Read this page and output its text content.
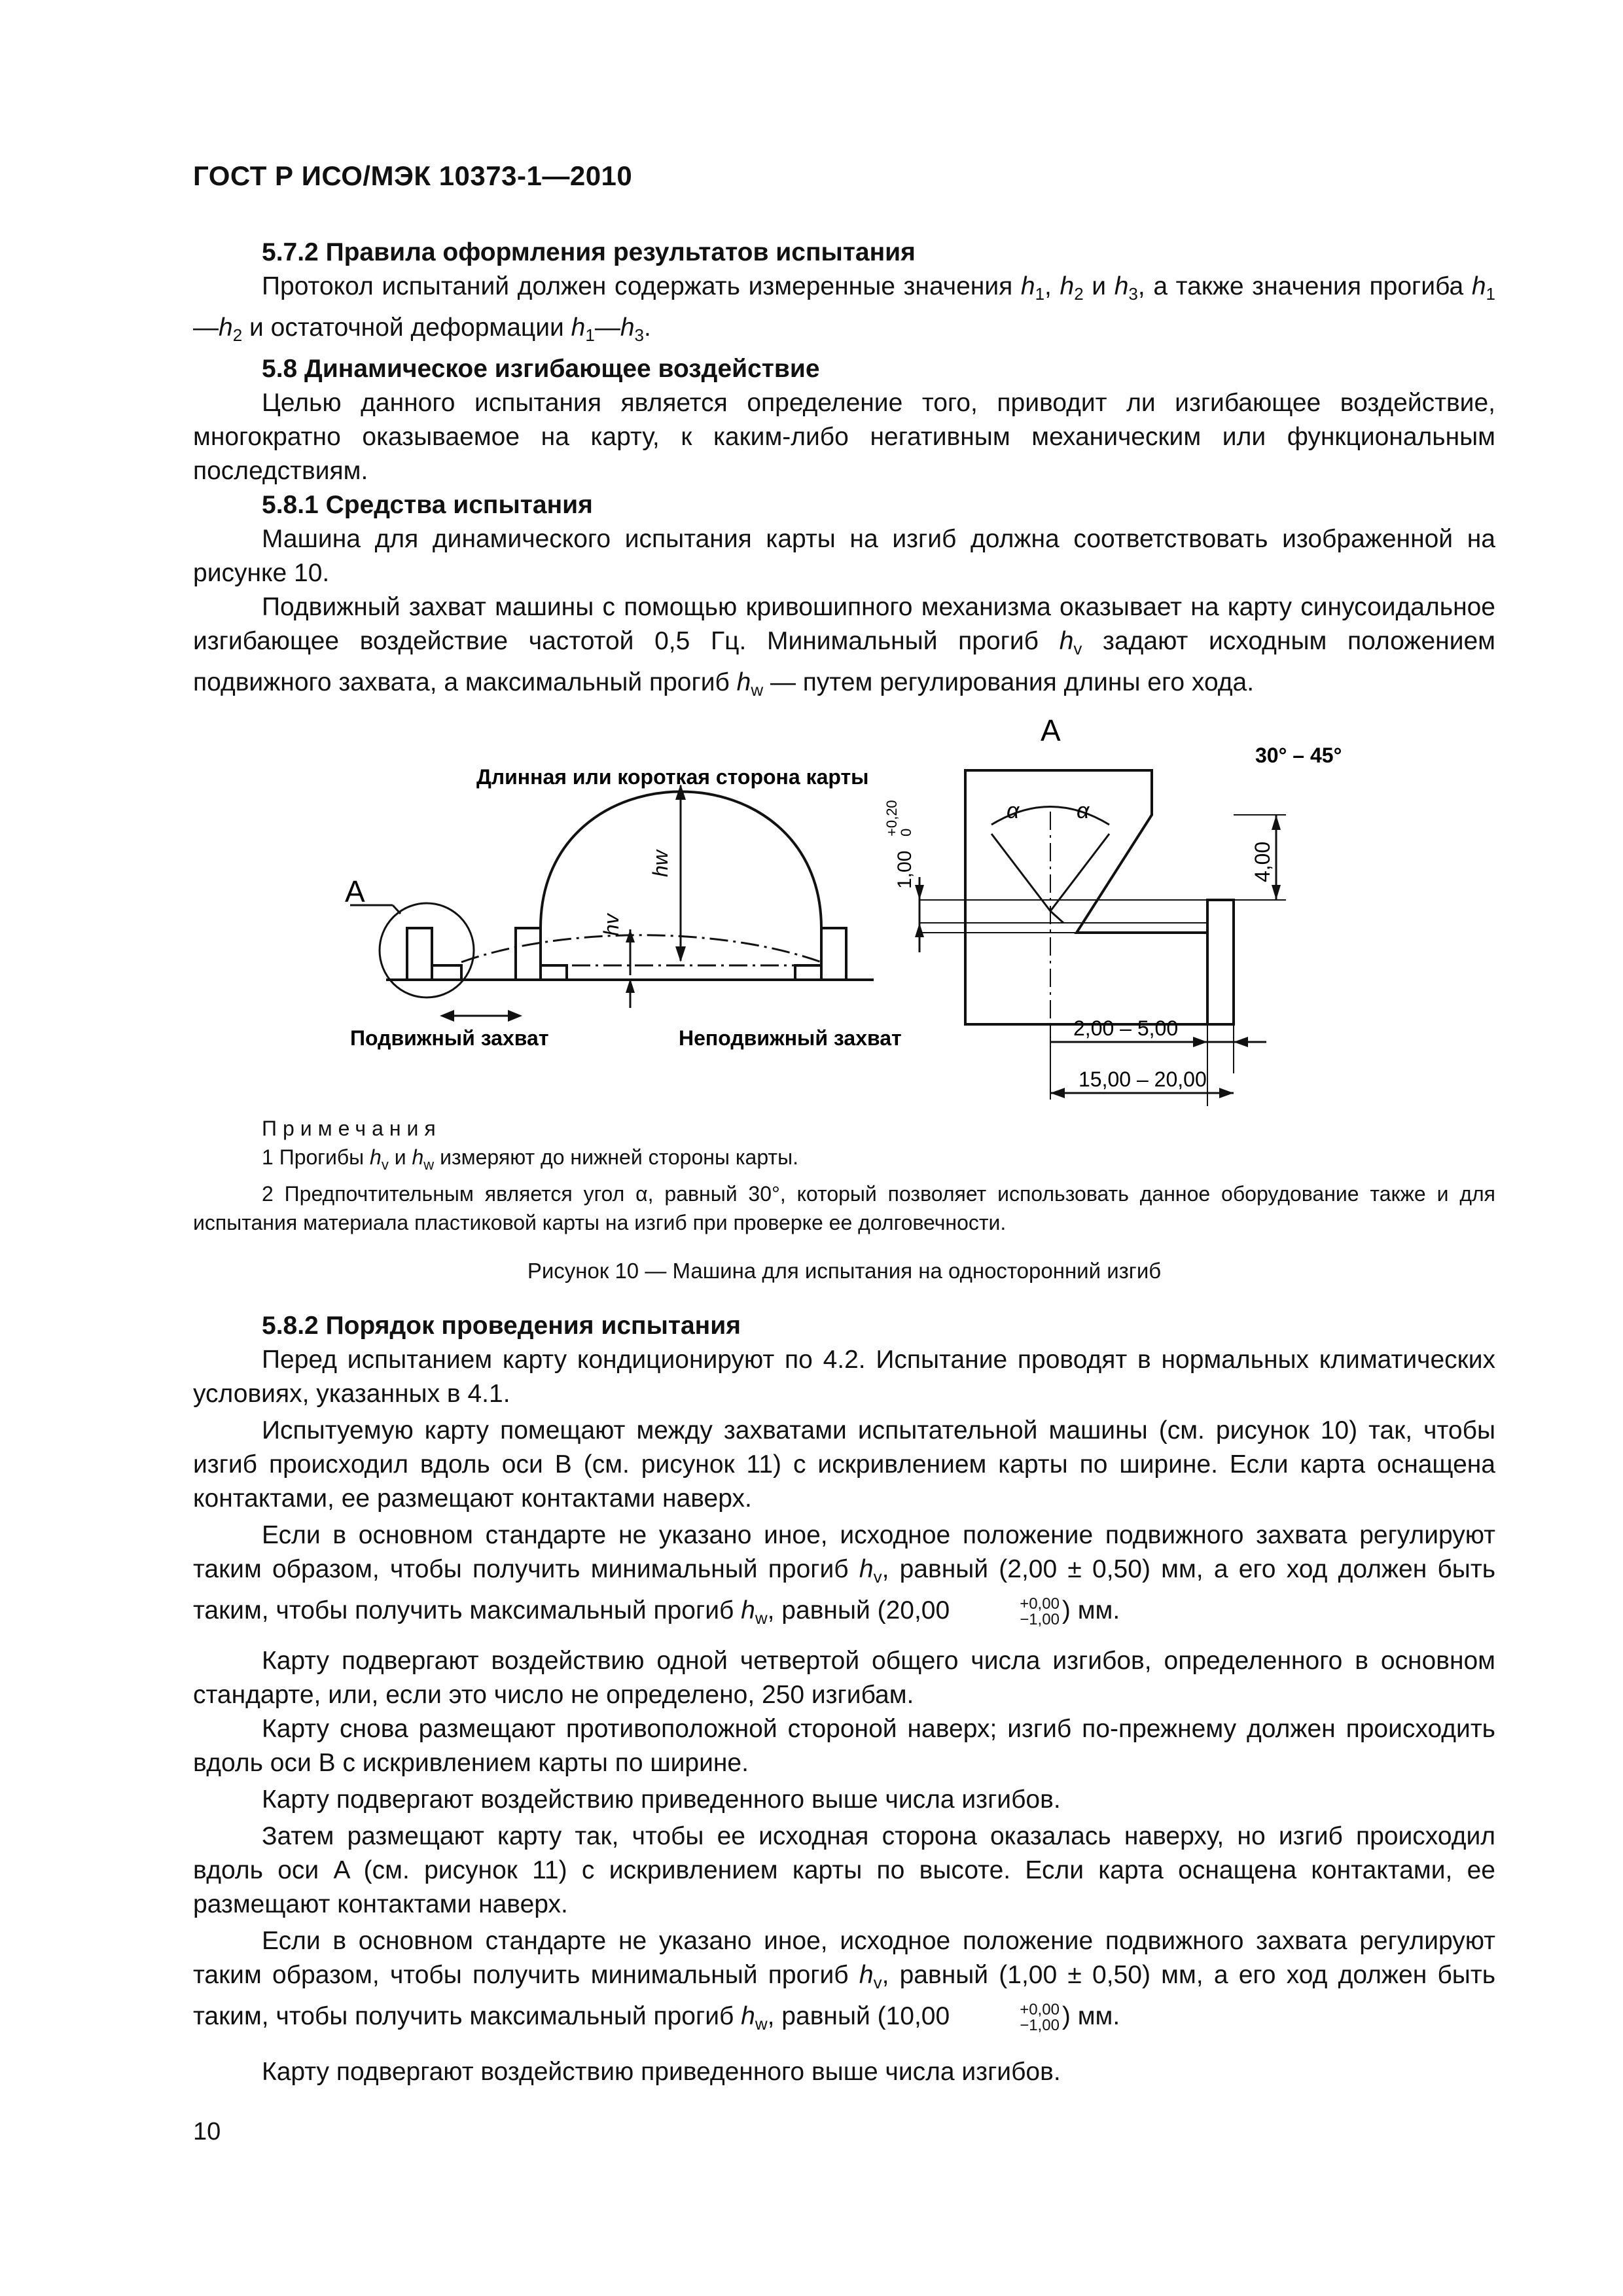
ГОСТ Р ИСО/МЭК 10373-1—2010

5.7.2 Правила оформления результатов испытания

Протокол испытаний должен содержать измеренные значения $h_1$, $h_2$ и $h_3$, а также значения прогиба $h_1—h_2$ и остаточной деформации $h_1—h_3$.

5.8 Динамическое изгибающее воздействие

Целью данного испытания является определение того, приводит ли изгибающее воздействие, многократно оказываемое на карту, к каким-либо негативным механическим или функциональным последствиям.

5.8.1 Средства испытания

Машина для динамического испытания карты на изгиб должна соответствовать изображенной на рисунке 10.

Подвижный захват машины с помощью кривошипного механизма оказывает на карту синусоидальное изгибающее воздействие частотой 0,5 Гц. Минимальный прогиб $h_v$ задают исходным положением подвижного захвата, а максимальный прогиб $h_w$ — путем регулирования длины его хода.

Длинная или короткая сторона карты
A
A
hw
hv
Подвижный захват	Неподвижный захват
30° – 45°
α	α
1,00
+0,20
0
4,00
2,00 – 5,00
15,00 – 20,00

Примечания

1 Прогибы $h_v$ и $h_w$ измеряют до нижней стороны карты.

2 Предпочтительным является угол α, равный 30°, который позволяет использовать данное оборудование также и для испытания материала пластиковой карты на изгиб при проверке ее долговечности.

Рисунок 10 — Машина для испытания на односторонний изгиб

5.8.2 Порядок проведения испытания

Перед испытанием карту кондиционируют по 4.2. Испытание проводят в нормальных климатических условиях, указанных в 4.1.

Испытуемую карту помещают между захватами испытательной машины (см. рисунок 10) так, чтобы изгиб происходил вдоль оси B (см. рисунок 11) с искривлением карты по ширине. Если карта оснащена контактами, ее размещают контактами наверх.

Если в основном стандарте не указано иное, исходное положение подвижного захвата регулируют таким образом, чтобы получить минимальный прогиб $h_v$, равный (2,00 ± 0,50) мм, а его ход должен быть таким, чтобы получить максимальный прогиб $h_w$, равный (20,00	+0,00
−1,00 ) мм.

Карту подвергают воздействию одной четвертой общего числа изгибов, определенного в основном стандарте, или, если это число не определено, 250 изгибам.

Карту снова размещают противоположной стороной наверх; изгиб по-прежнему должен происходить вдоль оси B с искривлением карты по ширине.

Карту подвергают воздействию приведенного выше числа изгибов.

Затем размещают карту так, чтобы ее исходная сторона оказалась наверху, но изгиб происходил вдоль оси A (см. рисунок 11) с искривлением карты по высоте. Если карта оснащена контактами, ее размещают контактами наверх.

Если в основном стандарте не указано иное, исходное положение подвижного захвата регулируют таким образом, чтобы получить минимальный прогиб $h_v$, равный (1,00 ± 0,50) мм, а его ход должен быть таким, чтобы получить максимальный прогиб $h_w$, равный (10,00	+0,00
−1,00 ) мм.

Карту подвергают воздействию приведенного выше числа изгибов.

10
